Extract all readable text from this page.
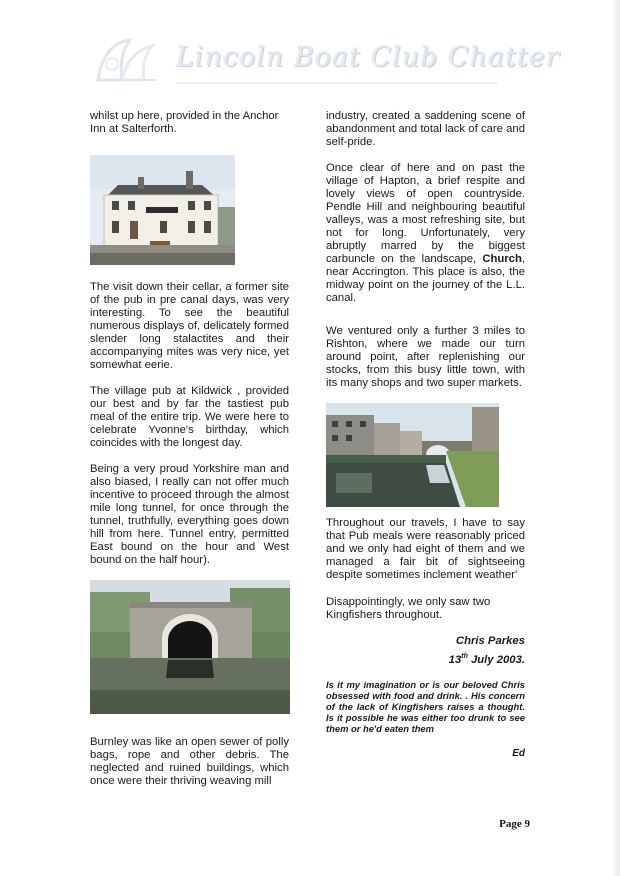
Lincoln Boat Club Chatter

whilst up here, provided in the Anchor Inn at Salterforth.

The visit down their cellar, a former site of the pub in pre canal days, was very interesting. To see the beautiful numerous displays of, delicately formed slender long stalactites and their accompanying mites was very nice, yet somewhat eerie.

The village pub at Kildwick , provided our best and by far the tastiest pub meal of the entire trip. We were here to celebrate Yvonne's birthday, which coincides with the longest day.

Being a very proud Yorkshire man and also biased, I really can not offer much incentive to proceed through the almost mile long tunnel, for once through the tunnel, truthfully, everything goes down hill from here. Tunnel entry, permitted East bound on the hour and West bound on the half hour).

Burnley was like an open sewer of polly bags, rope and other debris. The neglected and ruined buildings, which once were their thriving weaving mill

industry, created a saddening scene of abandonment and total lack of care and self-pride.

Once clear of here and on past the village of Hapton, a brief respite and lovely views of open countryside. Pendle Hill and neighbouring beautiful valleys, was a most refreshing site, but not for long. Unfortunately, very abruptly marred by the biggest carbuncle on the landscape, Church, near Accrington. This place is also, the midway point on the journey of the L.L. canal.

We ventured only a further 3 miles to Rishton, where we made our turn around point, after replenishing our stocks, from this busy little town, with its many shops and two super markets.

Throughout our travels, I have to say that Pub meals were reasonably priced and we only had eight of them and we managed a fair bit of sightseeing despite sometimes inclement weather'

Disappointingly, we only saw two Kingfishers throughout.

Chris Parkes
13th July 2003.

Is it my imagination or is our beloved Chris obsessed with food and drink. . His concern of the lack of Kingfishers raises a thought. Is it possible he was either too drunk to see them or he'd eaten them

Ed
Page 9
